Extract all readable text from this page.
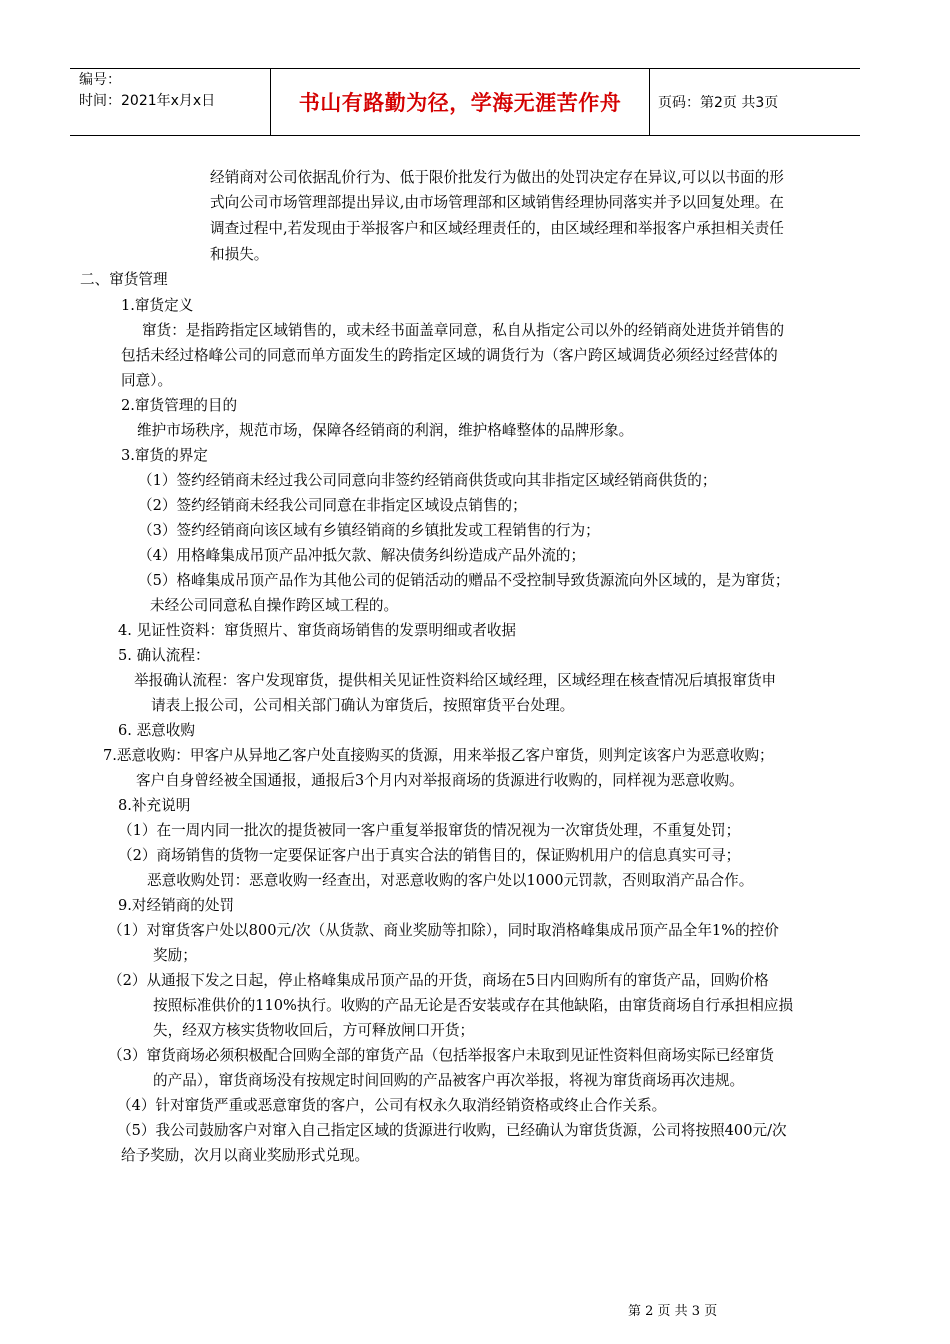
编号：
时间：2021年x月x日	书山有路勤为径，学海无涯苦作舟	页码：第2页 共3页
经销商对公司依据乱价行为、低于限价批发行为做出的处罚决定存在异议,可以以书面的形
式向公司市场管理部提出异议,由市场管理部和区域销售经理协同落实并予以回复处理。在
调查过程中,若发现由于举报客户和区域经理责任的，由区域经理和举报客户承担相关责任
和损失。
二、窜货管理
1.窜货定义
窜货：是指跨指定区域销售的，或未经书面盖章同意，私自从指定公司以外的经销商处进货并销售的
包括未经过格峰公司的同意而单方面发生的跨指定区域的调货行为（客户跨区域调货必须经过经营体的
同意）。
2.窜货管理的目的
维护市场秩序，规范市场，保障各经销商的利润，维护格峰整体的品牌形象。
3.窜货的界定
（1）签约经销商未经过我公司同意向非签约经销商供货或向其非指定区域经销商供货的；
（2）签约经销商未经我公司同意在非指定区域设点销售的；
（3）签约经销商向该区域有乡镇经销商的乡镇批发或工程销售的行为；
（4）用格峰集成吊顶产品冲抵欠款、解决债务纠纷造成产品外流的；
（5）格峰集成吊顶产品作为其他公司的促销活动的赠品不受控制导致货源流向外区域的，是为窜货；
未经公司同意私自操作跨区域工程的。
4. 见证性资料：窜货照片、窜货商场销售的发票明细或者收据
5. 确认流程：
举报确认流程：客户发现窜货，提供相关见证性资料给区域经理，区域经理在核查情况后填报窜货申
请表上报公司，公司相关部门确认为窜货后，按照窜货平台处理。
6. 恶意收购
7.恶意收购：甲客户从异地乙客户处直接购买的货源，用来举报乙客户窜货，则判定该客户为恶意收购；
客户自身曾经被全国通报，通报后3个月内对举报商场的货源进行收购的，同样视为恶意收购。
8.补充说明
（1）在一周内同一批次的提货被同一客户重复举报窜货的情况视为一次窜货处理，不重复处罚；
（2）商场销售的货物一定要保证客户出于真实合法的销售目的，保证购机用户的信息真实可寻；
恶意收购处罚：恶意收购一经查出，对恶意收购的客户处以1000元罚款，否则取消产品合作。
9.对经销商的处罚
（1）对窜货客户处以800元/次（从货款、商业奖励等扣除），同时取消格峰集成吊顶产品全年1%的控价
奖励；
（2）从通报下发之日起，停止格峰集成吊顶产品的开货，商场在5日内回购所有的窜货产品，回购价格
按照标准供价的110%执行。收购的产品无论是否安装或存在其他缺陷，由窜货商场自行承担相应损
失，经双方核实货物收回后，方可释放闸口开货；
（3）窜货商场必须积极配合回购全部的窜货产品（包括举报客户未取到见证性资料但商场实际已经窜货
的产品），窜货商场没有按规定时间回购的产品被客户再次举报，将视为窜货商场再次违规。
（4）针对窜货严重或恶意窜货的客户，公司有权永久取消经销资格或终止合作关系。
（5）我公司鼓励客户对窜入自己指定区域的货源进行收购，已经确认为窜货货源，公司将按照400元/次
给予奖励，次月以商业奖励形式兑现。
第 2 页 共 3 页
